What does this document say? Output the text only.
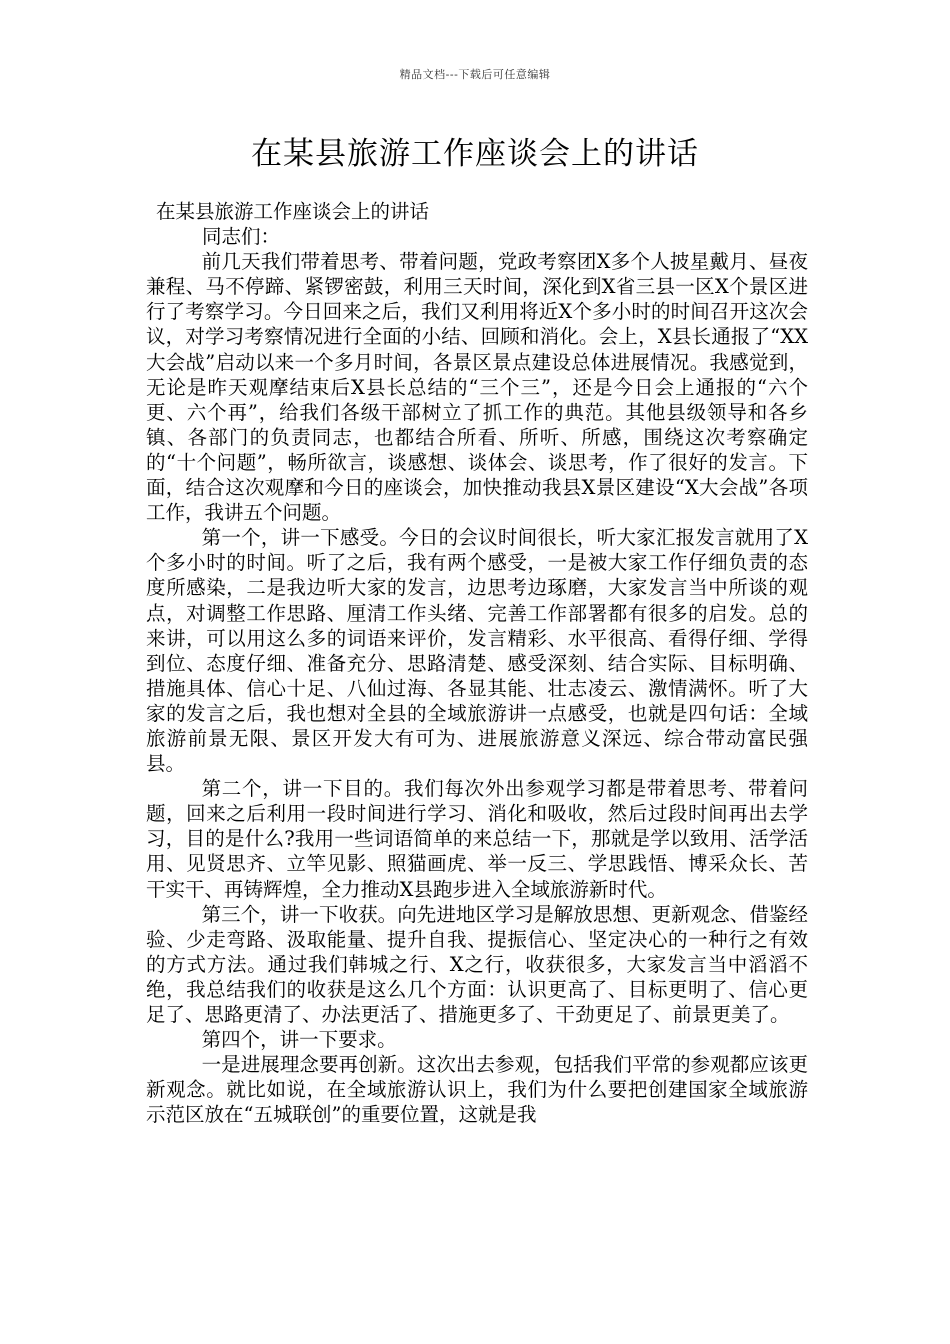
精品文档---下载后可任意编辑
在某县旅游工作座谈会上的讲话

在某县旅游工作座谈会上的讲话

同志们：

前几天我们带着思考、带着问题，党政考察团X多个人披星戴月、昼夜兼程、马不停蹄、紧锣密鼓，利用三天时间，深化到X省三县一区X个景区进行了考察学习。今日回来之后，我们又利用将近X个多小时的时间召开这次会议，对学习考察情况进行全面的小结、回顾和消化。会上，X县长通报了“XX大会战”启动以来一个多月时间，各景区景点建设总体进展情况。我感觉到，无论是昨天观摩结束后X县长总结的“三个三”，还是今日会上通报的“六个更、六个再”，给我们各级干部树立了抓工作的典范。其他县级领导和各乡镇、各部门的负责同志，也都结合所看、所听、所感，围绕这次考察确定的“十个问题”，畅所欲言，谈感想、谈体会、谈思考，作了很好的发言。下面，结合这次观摩和今日的座谈会，加快推动我县X景区建设“X大会战”各项工作，我讲五个问题。

第一个，讲一下感受。今日的会议时间很长，听大家汇报发言就用了X个多小时的时间。听了之后，我有两个感受，一是被大家工作仔细负责的态度所感染，二是我边听大家的发言，边思考边琢磨，大家发言当中所谈的观点，对调整工作思路、厘清工作头绪、完善工作部署都有很多的启发。总的来讲，可以用这么多的词语来评价，发言精彩、水平很高、看得仔细、学得到位、态度仔细、准备充分、思路清楚、感受深刻、结合实际、目标明确、措施具体、信心十足、八仙过海、各显其能、壮志凌云、激情满怀。听了大家的发言之后，我也想对全县的全域旅游讲一点感受，也就是四句话：全域旅游前景无限、景区开发大有可为、进展旅游意义深远、综合带动富民强县。

第二个，讲一下目的。我们每次外出参观学习都是带着思考、带着问题，回来之后利用一段时间进行学习、消化和吸收，然后过段时间再出去学习，目的是什么?我用一些词语简单的来总结一下，那就是学以致用、活学活用、见贤思齐、立竿见影、照猫画虎、举一反三、学思践悟、博采众长、苦干实干、再铸辉煌，全力推动X县跑步进入全域旅游新时代。

第三个，讲一下收获。向先进地区学习是解放思想、更新观念、借鉴经验、少走弯路、汲取能量、提升自我、提振信心、坚定决心的一种行之有效的方式方法。通过我们韩城之行、X之行，收获很多，大家发言当中滔滔不绝，我总结我们的收获是这么几个方面：认识更高了、目标更明了、信心更足了、思路更清了、办法更活了、措施更多了、干劲更足了、前景更美了。

第四个，讲一下要求。

一是进展理念要再创新。这次出去参观，包括我们平常的参观都应该更新观念。就比如说，在全域旅游认识上，我们为什么要把创建国家全域旅游示范区放在“五城联创”的重要位置，这就是我
